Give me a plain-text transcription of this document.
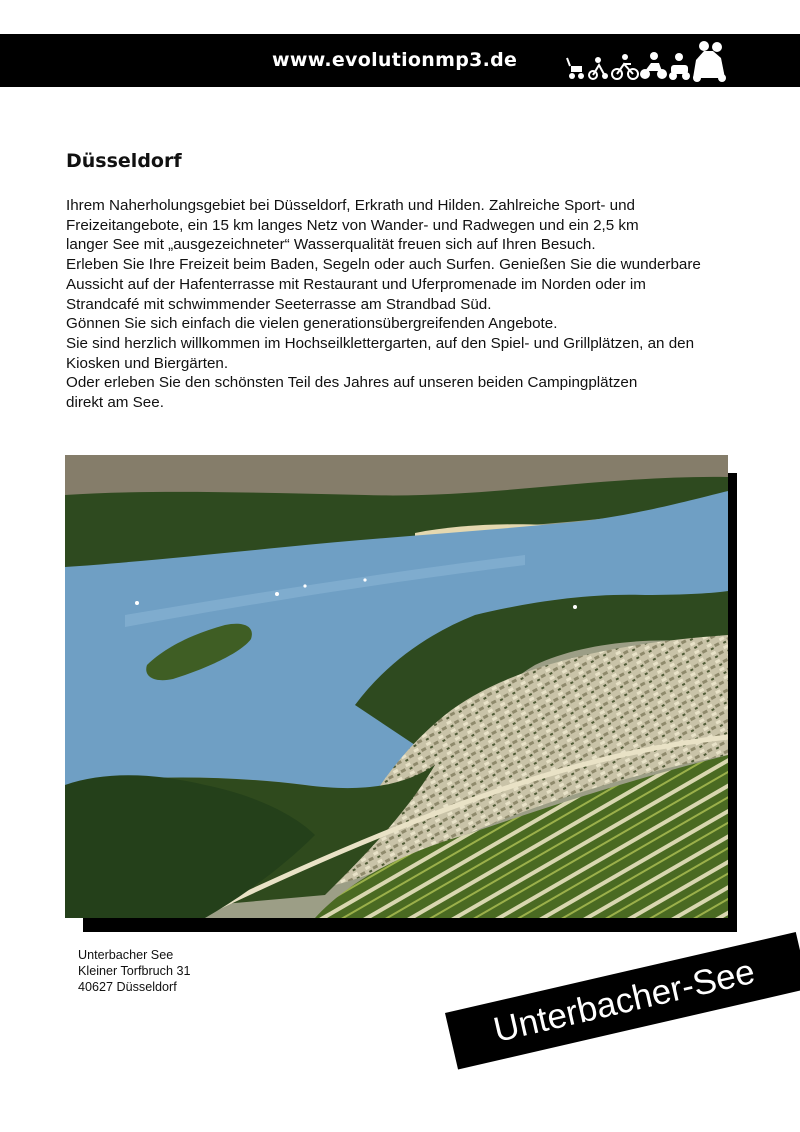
www.evolutionmp3.de
Düsseldorf
Ihrem Naherholungsgebiet bei Düsseldorf, Erkrath und Hilden. Zahlreiche Sport- und
Freizeitangebote, ein 15 km langes Netz von Wander- und Radwegen und ein 2,5 km
langer See mit „ausgezeichneter“ Wasserqualität freuen sich auf Ihren Besuch.
Erleben Sie Ihre Freizeit beim Baden, Segeln oder auch Surfen. Genießen Sie die wunderbare
Aussicht auf der Hafenterrasse mit Restaurant und Uferpromenade im Norden oder im
Strandcafé mit schwimmender Seeterrasse am Strandbad Süd.
Gönnen Sie sich einfach die vielen generationsübergreifenden Angebote.
Sie sind herzlich willkommen im Hochseilklettergarten, auf den Spiel- und Grillplätzen, an den
Kiosken und Biergärten.
Oder erleben Sie den schönsten Teil des Jahres auf unseren beiden Campingplätzen
direkt am See.
Unterbacher See
Kleiner Torfbruch 31
40627 Düsseldorf	Unterbacher-See
